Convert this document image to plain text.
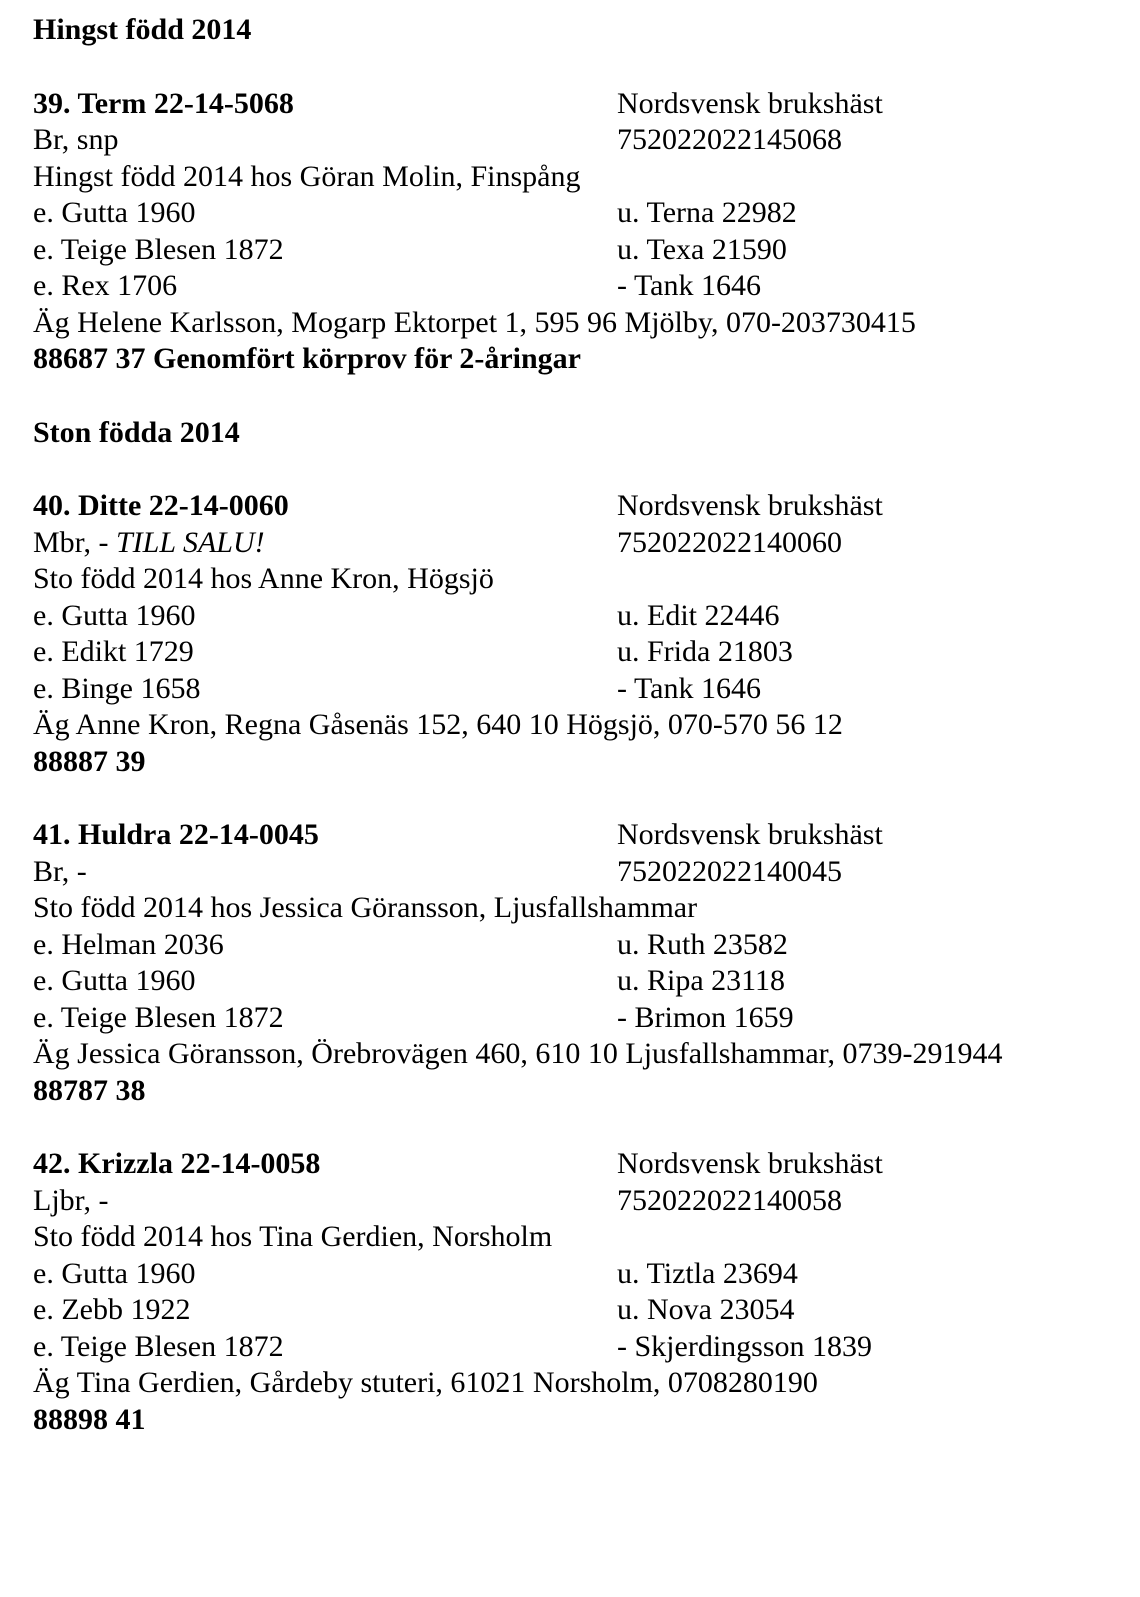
Hingst född 2014
39. Term 22-14-5068	Nordsvensk brukshäst
Br, snp	752022022145068
Hingst född 2014 hos Göran Molin, Finspång
e. Gutta 1960	u. Terna 22982
e. Teige Blesen 1872	u. Texa 21590
e. Rex 1706	- Tank 1646
Äg Helene Karlsson, Mogarp Ektorpet 1, 595 96 Mjölby, 070-203730415
88687 37 Genomfört körprov för 2-åringar
Ston födda 2014
40. Ditte 22-14-0060	Nordsvensk brukshäst
Mbr, - TILL SALU!	752022022140060
Sto född 2014 hos Anne Kron, Högsjö
e. Gutta 1960	u. Edit 22446
e. Edikt 1729	u. Frida 21803
e. Binge 1658	- Tank 1646
Äg Anne Kron, Regna Gåsenäs 152, 640 10 Högsjö, 070-570 56 12
88887 39
41. Huldra 22-14-0045	Nordsvensk brukshäst
Br, -	752022022140045
Sto född 2014 hos Jessica Göransson, Ljusfallshammar
e. Helman 2036	u. Ruth 23582
e. Gutta 1960	u. Ripa 23118
e. Teige Blesen 1872	- Brimon 1659
Äg Jessica Göransson, Örebrovägen 460, 610 10 Ljusfallshammar, 0739-291944
88787 38
42. Krizzla 22-14-0058	Nordsvensk brukshäst
Ljbr, -	752022022140058
Sto född 2014 hos Tina Gerdien, Norsholm
e. Gutta 1960	u. Tiztla 23694
e. Zebb 1922	u. Nova 23054
e. Teige Blesen 1872	- Skjerdingsson 1839
Äg Tina Gerdien, Gårdeby stuteri, 61021 Norsholm, 0708280190
88898 41
